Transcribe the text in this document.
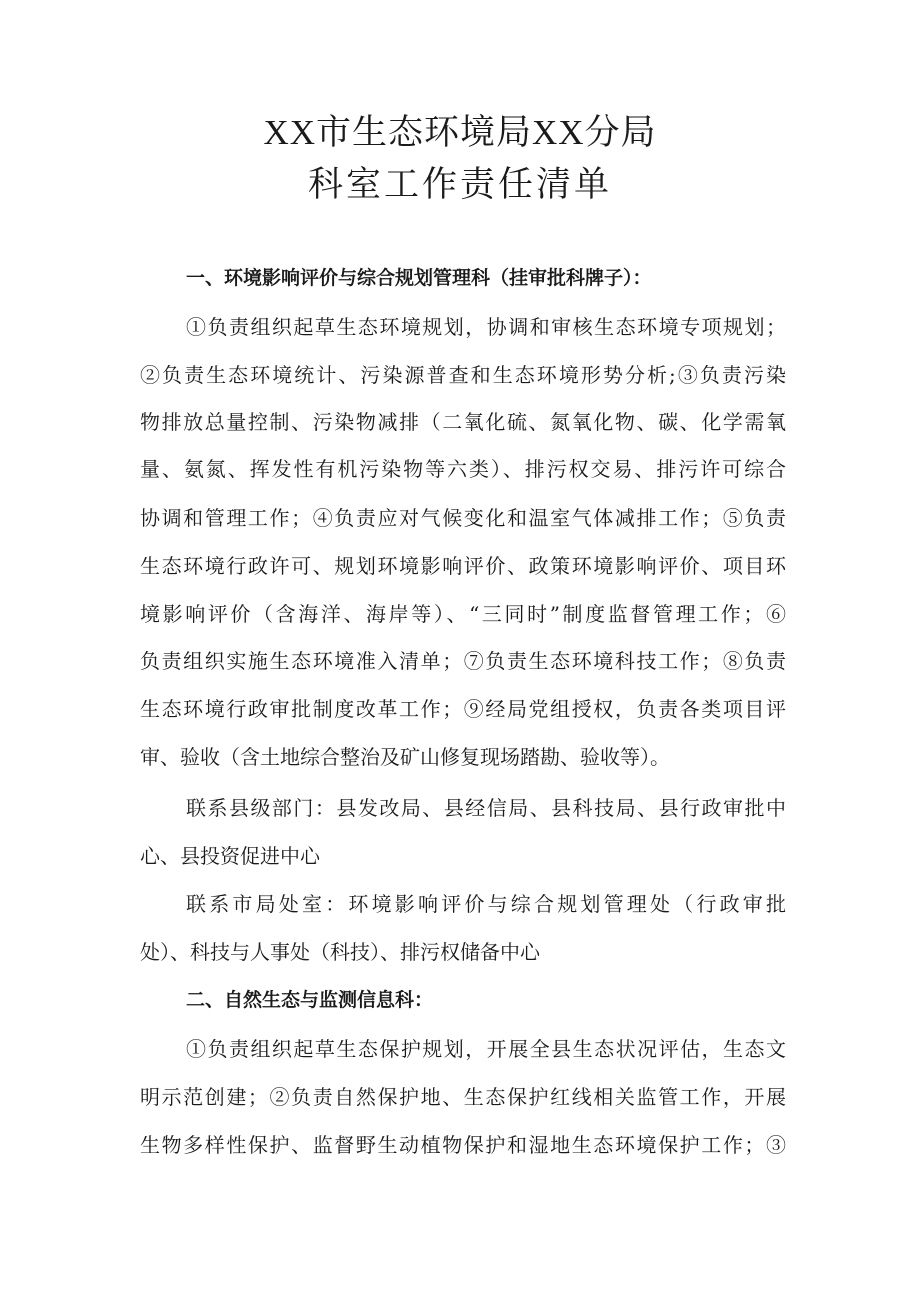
XX市生态环境局XX分局
科室工作责任清单
一、环境影响评价与综合规划管理科（挂审批科牌子）：
①负责组织起草生态环境规划，协调和审核生态环境专项规划；
②负责生态环境统计、污染源普查和生态环境形势分析;③负责污染
物排放总量控制、污染物减排（二氧化硫、氮氧化物、碳、化学需氧
量、氨氮、挥发性有机污染物等六类）、排污权交易、排污许可综合
协调和管理工作；④负责应对气候变化和温室气体减排工作；⑤负责
生态环境行政许可、规划环境影响评价、政策环境影响评价、项目环
境影响评价（含海洋、海岸等）、“三同时”制度监督管理工作；⑥
负责组织实施生态环境准入清单；⑦负责生态环境科技工作；⑧负责
生态环境行政审批制度改革工作；⑨经局党组授权，负责各类项目评
审、验收（含土地综合整治及矿山修复现场踏勘、验收等）。
联系县级部门：县发改局、县经信局、县科技局、县行政审批中
心、县投资促进中心
联系市局处室：环境影响评价与综合规划管理处（行政审批
处）、科技与人事处（科技）、排污权储备中心
二、自然生态与监测信息科：
①负责组织起草生态保护规划，开展全县生态状况评估，生态文
明示范创建；②负责自然保护地、生态保护红线相关监管工作，开展
生物多样性保护、监督野生动植物保护和湿地生态环境保护工作；③
